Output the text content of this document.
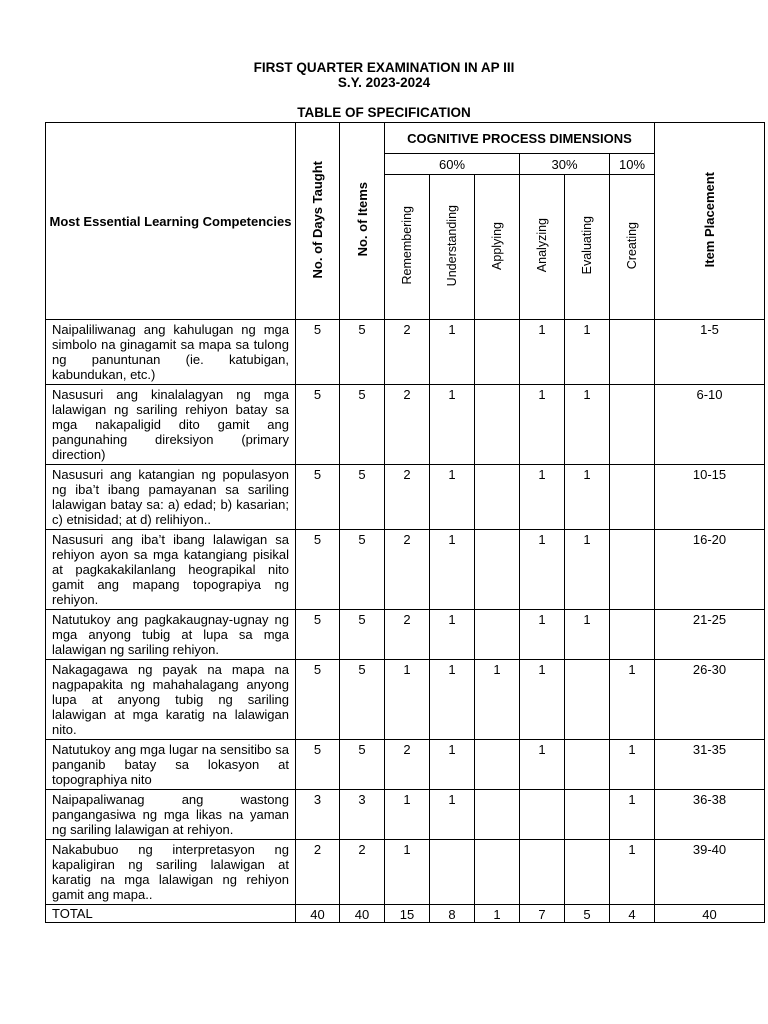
FIRST QUARTER EXAMINATION IN AP III
S.Y. 2023-2024
TABLE OF SPECIFICATION
Most Essential Learning Competencies	No. of Days Taught	No. of Items	COGNITIVE PROCESS DIMENSIONS						Item Placement
			60%			30%		10%	
			Remembering	Understanding	Applying	Analyzing	Evaluating	Creating	
Naipaliliwanag ang kahulugan ng mga simbolo na ginagamit sa mapa sa tulong ng panuntunan (ie. katubigan, kabundukan, etc.)	5	5	2	1		1	1		1-5
Nasusuri ang kinalalagyan ng mga lalawigan ng sariling rehiyon batay sa mga nakapaligid dito gamit ang pangunahing direksiyon (primary direction)	5	5	2	1		1	1		6-10
Nasusuri ang katangian ng populasyon ng iba’t ibang pamayanan sa sariling lalawigan batay sa: a) edad; b) kasarian; c) etnisidad; at d) relihiyon..	5	5	2	1		1	1		10-15
Nasusuri ang iba’t ibang lalawigan sa rehiyon ayon sa mga katangiang pisikal at pagkakakilanlang heograpikal nito gamit ang mapang topograpiya ng rehiyon.	5	5	2	1		1	1		16-20
Natutukoy ang pagkakaugnay-ugnay ng mga anyong tubig at lupa sa mga lalawigan ng sariling rehiyon.	5	5	2	1		1	1		21-25
Nakagagawa ng payak na mapa na nagpapakita ng mahahalagang anyong lupa at anyong tubig ng sariling lalawigan at mga karatig na lalawigan nito.	5	5	1	1	1	1		1	26-30
Natutukoy ang mga lugar na sensitibo sa panganib batay sa lokasyon at topographiya nito	5	5	2	1		1		1	31-35
Naipapaliwanag ang wastong pangangasiwa ng mga likas na yaman ng sariling lalawigan at rehiyon.	3	3	1	1				1	36-38
Nakabubuo ng interpretasyon ng kapaligiran ng sariling lalawigan at karatig na mga lalawigan ng rehiyon gamit ang mapa..	2	2	1					1	39-40
TOTAL	40	40	15	8	1	7	5	4	40
